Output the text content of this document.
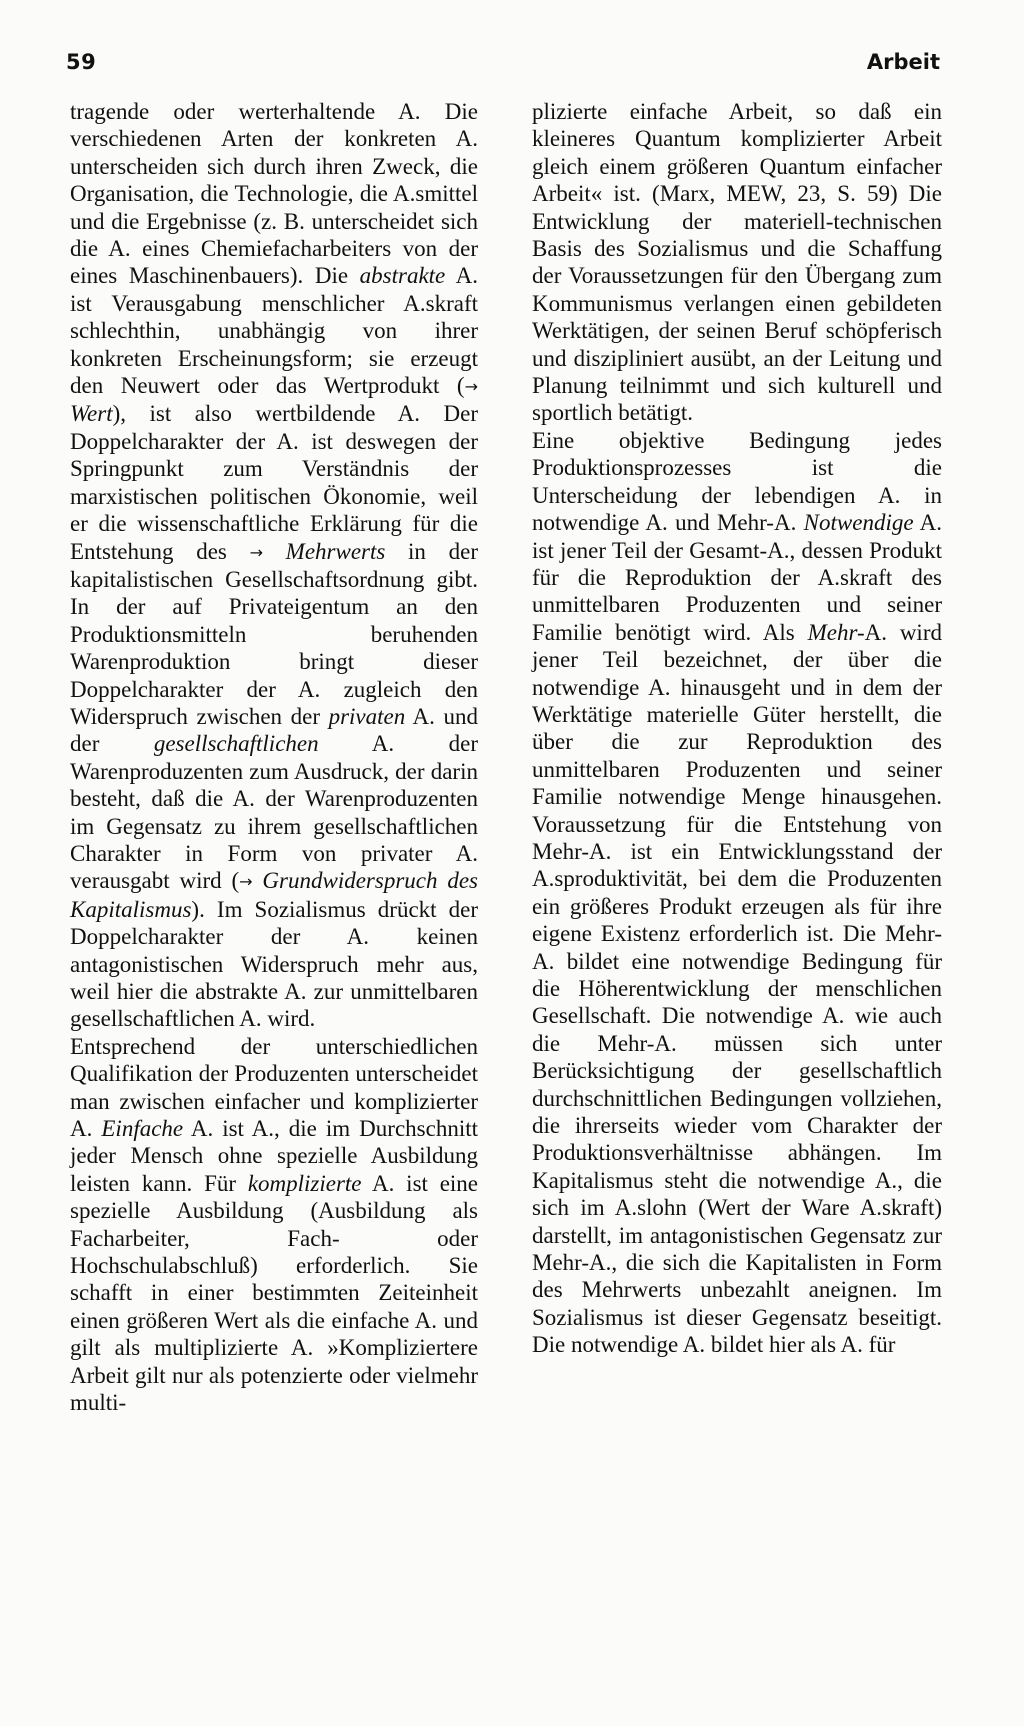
59	Arbeit

tragende oder werterhaltende A. Die verschiedenen Arten der konkreten A. unterscheiden sich durch ihren Zweck, die Organisation, die Technologie, die A.smittel und die Ergebnisse (z. B. unterscheidet sich die A. eines Chemiefacharbeiters von der eines Maschinenbauers). Die abstrakte A. ist Verausgabung menschlicher A.skraft schlechthin, unabhängig von ihrer konkreten Erscheinungsform; sie erzeugt den Neuwert oder das Wertprodukt (→ Wert), ist also wertbildende A. Der Doppelcharakter der A. ist deswegen der Springpunkt zum Verständnis der marxistischen politischen Ökonomie, weil er die wissenschaftliche Erklärung für die Entstehung des → Mehrwerts in der kapitalistischen Gesellschaftsordnung gibt. In der auf Privateigentum an den Produktionsmitteln beruhenden Warenproduktion bringt dieser Doppelcharakter der A. zugleich den Widerspruch zwischen der privaten A. und der gesellschaftlichen A. der Warenproduzenten zum Ausdruck, der darin besteht, daß die A. der Warenproduzenten im Gegensatz zu ihrem gesellschaftlichen Charakter in Form von privater A. verausgabt wird (→ Grundwiderspruch des Kapitalismus). Im Sozialismus drückt der Doppelcharakter der A. keinen antagonistischen Widerspruch mehr aus, weil hier die abstrakte A. zur unmittelbaren gesellschaftlichen A. wird.

Entsprechend der unterschiedlichen Qualifikation der Produzenten unterscheidet man zwischen einfacher und komplizierter A. Einfache A. ist A., die im Durchschnitt jeder Mensch ohne spezielle Ausbildung leisten kann. Für komplizierte A. ist eine spezielle Ausbildung (Ausbildung als Facharbeiter, Fach- oder Hochschulabschluß) erforderlich. Sie schafft in einer bestimmten Zeiteinheit einen größeren Wert als die einfache A. und gilt als multiplizierte A. »Kompliziertere Arbeit gilt nur als potenzierte oder vielmehr multi-

plizierte einfache Arbeit, so daß ein kleineres Quantum komplizierter Arbeit gleich einem größeren Quantum einfacher Arbeit« ist. (Marx, MEW, 23, S. 59) Die Entwicklung der materiell-technischen Basis des Sozialismus und die Schaffung der Voraussetzungen für den Übergang zum Kommunismus verlangen einen gebildeten Werktätigen, der seinen Beruf schöpferisch und diszipliniert ausübt, an der Leitung und Planung teilnimmt und sich kulturell und sportlich betätigt.

Eine objektive Bedingung jedes Produktionsprozesses ist die Unterscheidung der lebendigen A. in notwendige A. und Mehr-A. Notwendige A. ist jener Teil der Gesamt-A., dessen Produkt für die Reproduktion der A.skraft des unmittelbaren Produzenten und seiner Familie benötigt wird. Als Mehr-A. wird jener Teil bezeichnet, der über die notwendige A. hinausgeht und in dem der Werktätige materielle Güter herstellt, die über die zur Reproduktion des unmittelbaren Produzenten und seiner Familie notwendige Menge hinausgehen. Voraussetzung für die Entstehung von Mehr-A. ist ein Entwicklungsstand der A.sproduktivität, bei dem die Produzenten ein größeres Produkt erzeugen als für ihre eigene Existenz erforderlich ist. Die Mehr-A. bildet eine notwendige Bedingung für die Höherentwicklung der menschlichen Gesellschaft. Die notwendige A. wie auch die Mehr-A. müssen sich unter Berücksichtigung der gesellschaftlich durchschnittlichen Bedingungen vollziehen, die ihrerseits wieder vom Charakter der Produktionsverhältnisse abhängen. Im Kapitalismus steht die notwendige A., die sich im A.slohn (Wert der Ware A.skraft) darstellt, im antagonistischen Gegensatz zur Mehr-A., die sich die Kapitalisten in Form des Mehrwerts unbezahlt aneignen. Im Sozialismus ist dieser Gegensatz beseitigt. Die notwendige A. bildet hier als A. für
